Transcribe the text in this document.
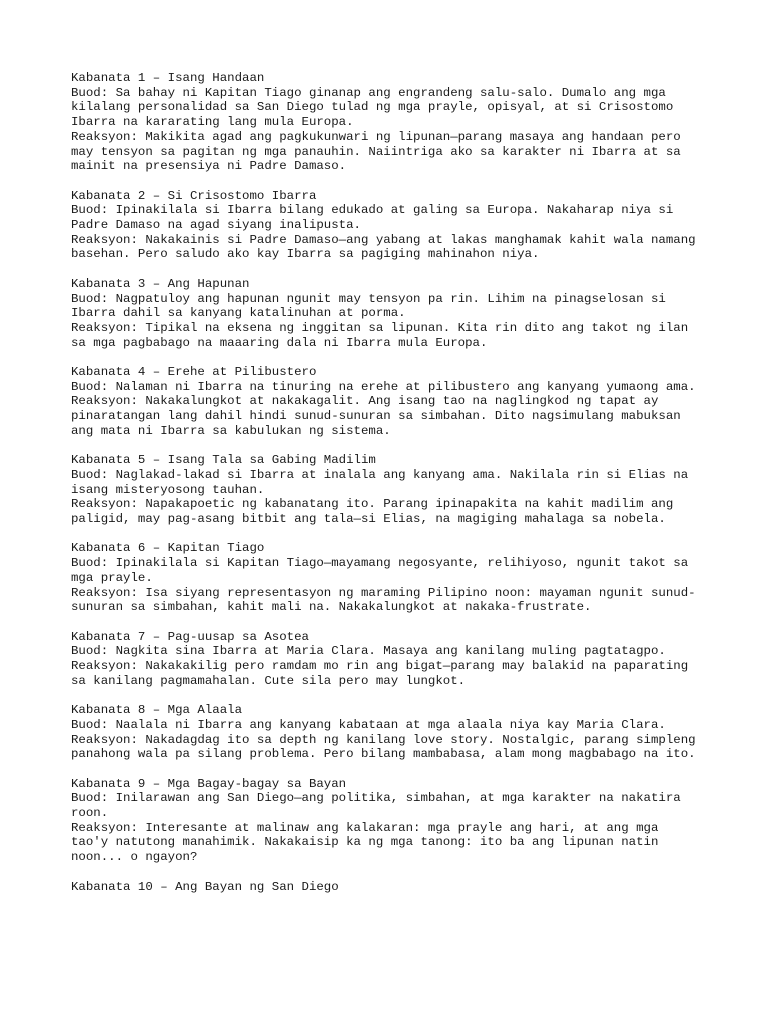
Kabanata 1 – Isang Handaan
Buod: Sa bahay ni Kapitan Tiago ginanap ang engrandeng salu-salo. Dumalo ang mga kilalang personalidad sa San Diego tulad ng mga prayle, opisyal, at si Crisostomo Ibarra na kararating lang mula Europa.
Reaksyon: Makikita agad ang pagkukunwari ng lipunan—parang masaya ang handaan pero may tensyon sa pagitan ng mga panauhin. Naiintriga ako sa karakter ni Ibarra at sa mainit na presensiya ni Padre Damaso.
Kabanata 2 – Si Crisostomo Ibarra
Buod: Ipinakilala si Ibarra bilang edukado at galing sa Europa. Nakaharap niya si Padre Damaso na agad siyang inalipusta.
Reaksyon: Nakakainis si Padre Damaso—ang yabang at lakas manghamak kahit wala namang basehan. Pero saludo ako kay Ibarra sa pagiging mahinahon niya.
Kabanata 3 – Ang Hapunan
Buod: Nagpatuloy ang hapunan ngunit may tensyon pa rin. Lihim na pinagselosan si Ibarra dahil sa kanyang katalinuhan at porma.
Reaksyon: Tipikal na eksena ng inggitan sa lipunan. Kita rin dito ang takot ng ilan sa mga pagbabago na maaaring dala ni Ibarra mula Europa.
Kabanata 4 – Erehe at Pilibustero
Buod: Nalaman ni Ibarra na tinuring na erehe at pilibustero ang kanyang yumaong ama.
Reaksyon: Nakakalungkot at nakakagalit. Ang isang tao na naglingkod ng tapat ay pinaratangan lang dahil hindi sunud-sunuran sa simbahan. Dito nagsimulang mabuksan ang mata ni Ibarra sa kabulukan ng sistema.
Kabanata 5 – Isang Tala sa Gabing Madilim
Buod: Naglakad-lakad si Ibarra at inalala ang kanyang ama. Nakilala rin si Elias na isang misteryosong tauhan.
Reaksyon: Napakapoetic ng kabanatang ito. Parang ipinapakita na kahit madilim ang paligid, may pag-asang bitbit ang tala—si Elias, na magiging mahalaga sa nobela.
Kabanata 6 – Kapitan Tiago
Buod: Ipinakilala si Kapitan Tiago—mayamang negosyante, relihiyoso, ngunit takot sa mga prayle.
Reaksyon: Isa siyang representasyon ng maraming Pilipino noon: mayaman ngunit sunud-sunuran sa simbahan, kahit mali na. Nakakalungkot at nakaka-frustrate.
Kabanata 7 – Pag-uusap sa Asotea
Buod: Nagkita sina Ibarra at Maria Clara. Masaya ang kanilang muling pagtatagpo.
Reaksyon: Nakakakilig pero ramdam mo rin ang bigat—parang may balakid na paparating sa kanilang pagmamahalan. Cute sila pero may lungkot.
Kabanata 8 – Mga Alaala
Buod: Naalala ni Ibarra ang kanyang kabataan at mga alaala niya kay Maria Clara.
Reaksyon: Nakadagdag ito sa depth ng kanilang love story. Nostalgic, parang simpleng panahong wala pa silang problema. Pero bilang mambabasa, alam mong magbabago na ito.
Kabanata 9 – Mga Bagay-bagay sa Bayan
Buod: Inilarawan ang San Diego—ang politika, simbahan, at mga karakter na nakatira roon.
Reaksyon: Interesante at malinaw ang kalakaran: mga prayle ang hari, at ang mga tao'y natutong manahimik. Nakakaisip ka ng mga tanong: ito ba ang lipunan natin noon... o ngayon?
Kabanata 10 – Ang Bayan ng San Diego
